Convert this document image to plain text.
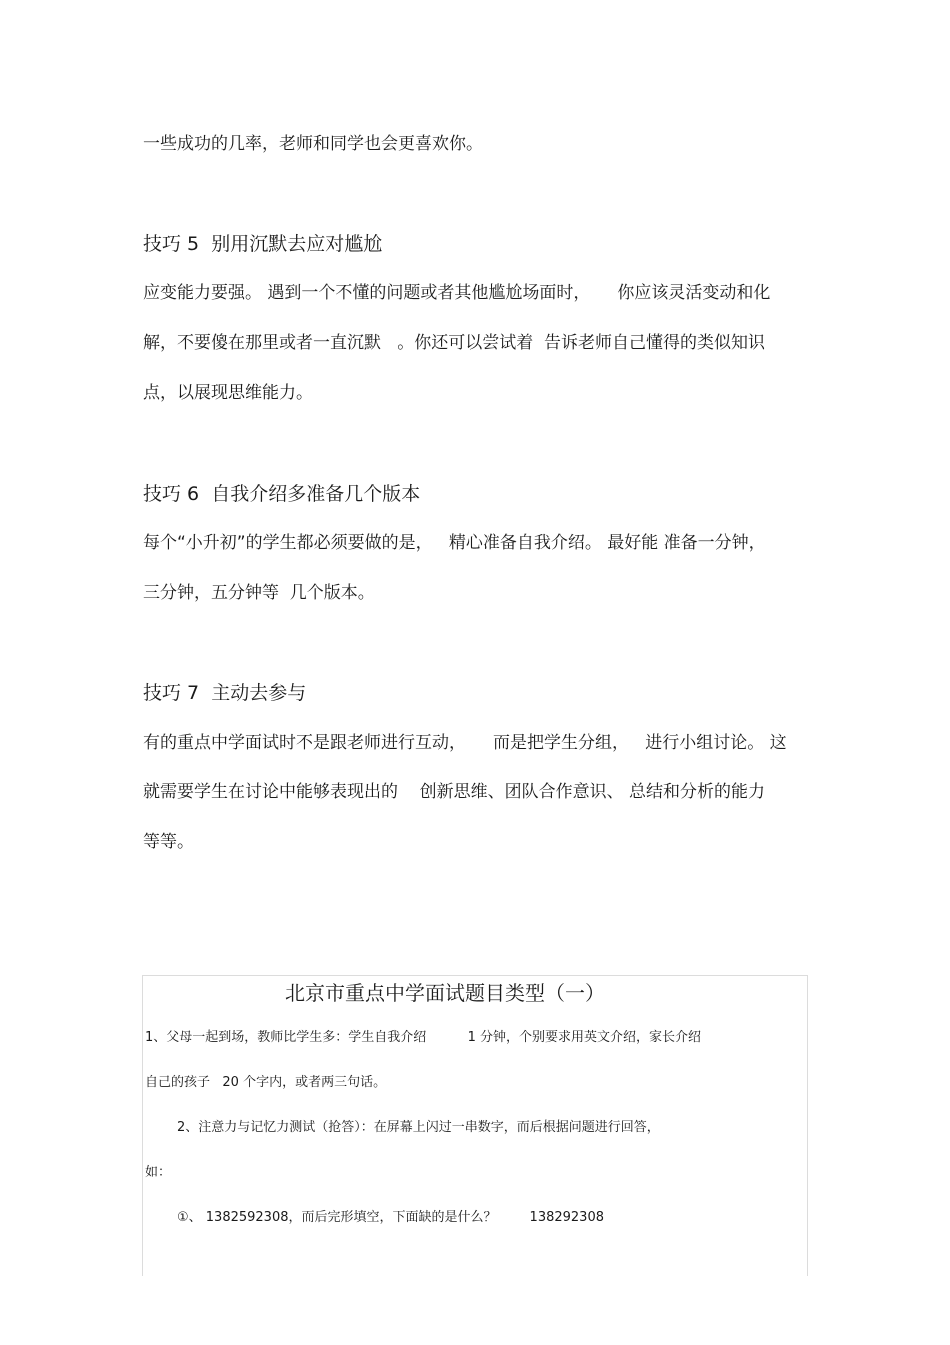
一些成功的几率，老师和同学也会更喜欢你。
技巧 5  别用沉默去应对尴尬
应变能力要强。 遇到一个不懂的问题或者其他尴尬场面时，     你应该灵活变动和化
解，不要傻在那里或者一直沉默   。你还可以尝试着  告诉老师自己懂得的类似知识
点，以展现思维能力。
技巧 6  自我介绍多准备几个版本
每个“小升初”的学生都必须要做的是，   精心准备自我介绍。 最好能 准备一分钟，
三分钟，五分钟等  几个版本。
技巧 7  主动去参与
有的重点中学面试时不是跟老师进行互动，     而是把学生分组，   进行小组讨论。 这
就需要学生在讨论中能够表现出的    创新思维、团队合作意识、 总结和分析的能力
等等。
北京市重点中学面试题目类型（一）
1、父母一起到场，教师比学生多：学生自我介绍          1 分钟，个别要求用英文介绍，家长介绍
自己的孩子   20 个字内，或者两三句话。
2、注意力与记忆力测试（抢答）：在屏幕上闪过一串数字，而后根据问题进行回答，
如：
①、 1382592308，而后完形填空，下面缺的是什么？        138292308
